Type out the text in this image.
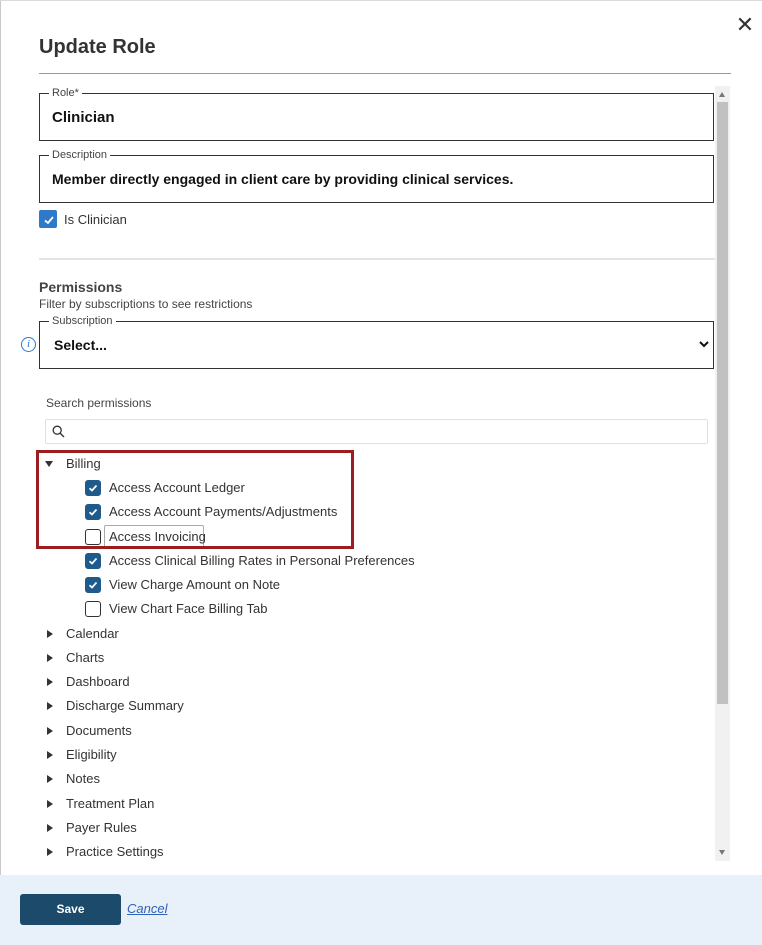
✕
Update Role
Role*
Clinician
Description
Member directly engaged in client care by providing clinical services.
Is Clinician
Permissions
Filter by subscriptions to see restrictions
i
Subscription
Select...
Search permissions
Billing
Access Account Ledger
Access Account Payments/Adjustments
Access Invoicing
Access Clinical Billing Rates in Personal Preferences
View Charge Amount on Note
View Chart Face Billing Tab
Calendar
Charts
Dashboard
Discharge Summary
Documents
Eligibility
Notes
Treatment Plan
Payer Rules
Practice Settings
Save	Cancel
